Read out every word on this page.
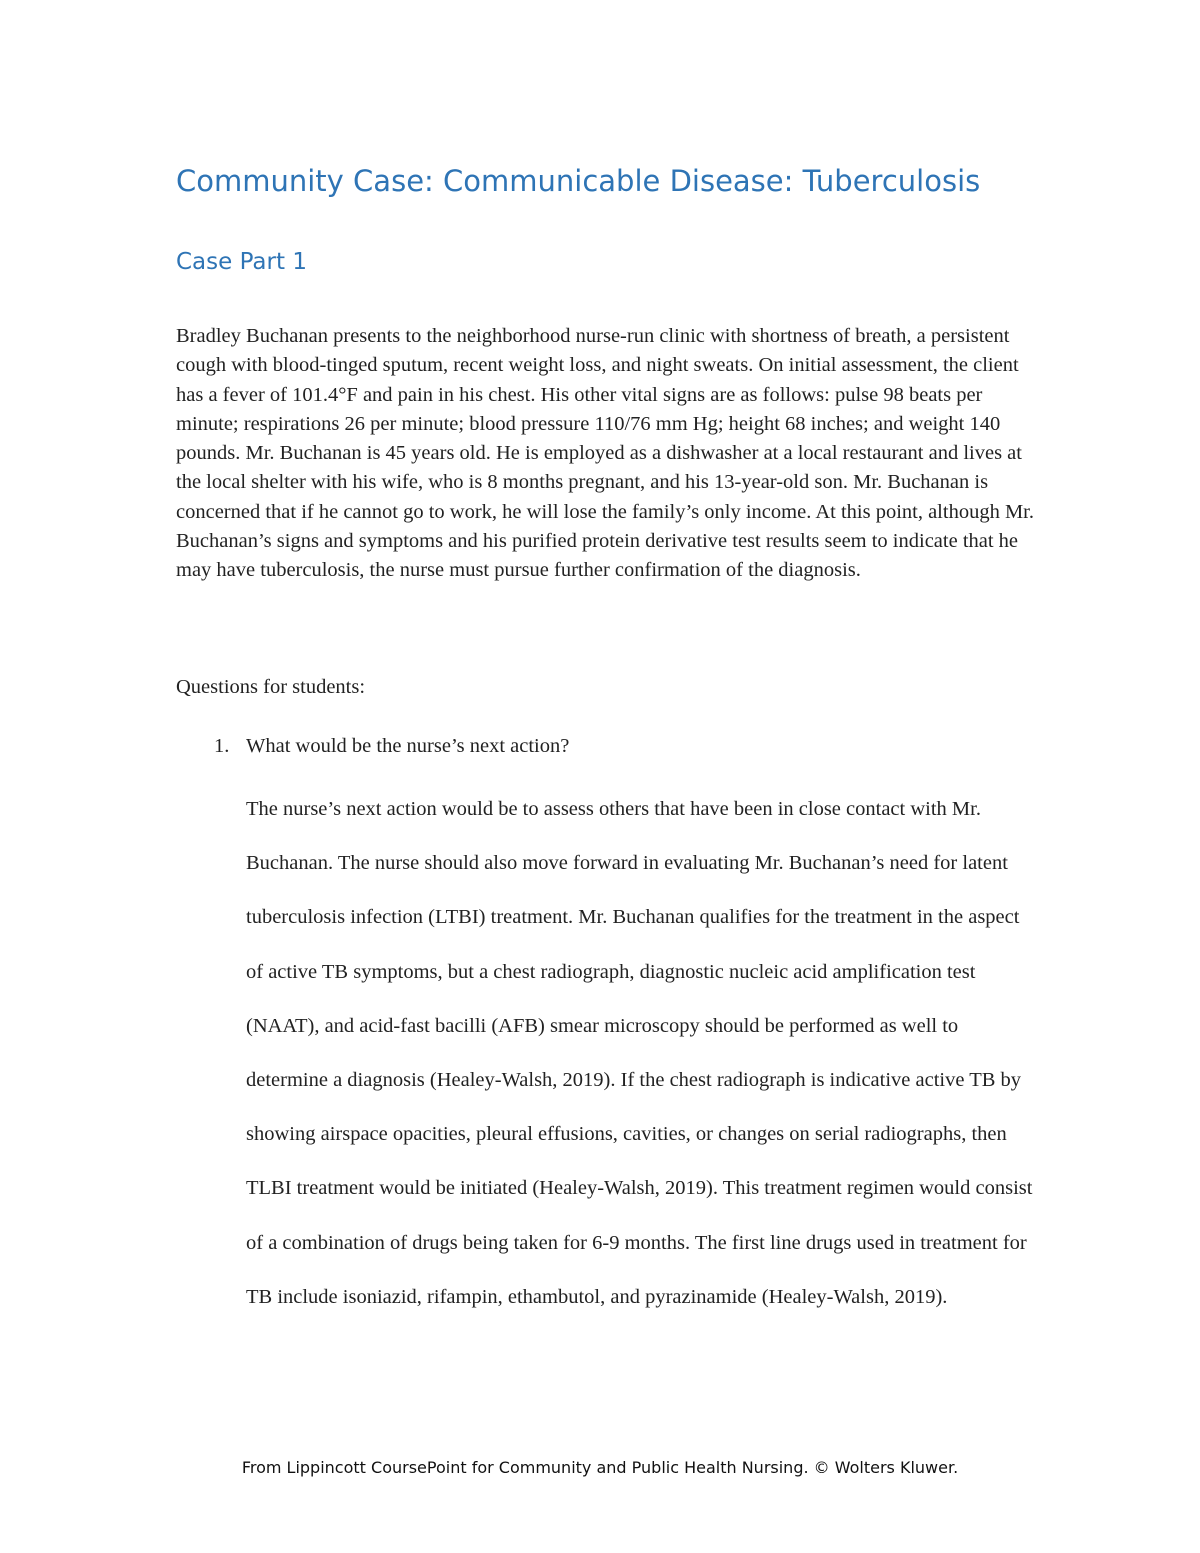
Community Case: Communicable Disease: Tuberculosis
Case Part 1

Bradley Buchanan presents to the neighborhood nurse-run clinic with shortness of breath, a persistent cough with blood-tinged sputum, recent weight loss, and night sweats. On initial assessment, the client has a fever of 101.4°F and pain in his chest. His other vital signs are as follows: pulse 98 beats per minute; respirations 26 per minute; blood pressure 110/76 mm Hg; height 68 inches; and weight 140 pounds. Mr. Buchanan is 45 years old. He is employed as a dishwasher at a local restaurant and lives at the local shelter with his wife, who is 8 months pregnant, and his 13-year-old son. Mr. Buchanan is concerned that if he cannot go to work, he will lose the family’s only income. At this point, although Mr. Buchanan’s signs and symptoms and his purified protein derivative test results seem to indicate that he may have tuberculosis, the nurse must pursue further confirmation of the diagnosis.

Questions for students:

1. What would be the nurse’s next action?

The nurse’s next action would be to assess others that have been in close contact with Mr. Buchanan. The nurse should also move forward in evaluating Mr. Buchanan’s need for latent tuberculosis infection (LTBI) treatment. Mr. Buchanan qualifies for the treatment in the aspect of active TB symptoms, but a chest radiograph, diagnostic nucleic acid amplification test (NAAT), and acid-fast bacilli (AFB) smear microscopy should be performed as well to determine a diagnosis (Healey-Walsh, 2019). If the chest radiograph is indicative active TB by showing airspace opacities, pleural effusions, cavities, or changes on serial radiographs, then TLBI treatment would be initiated (Healey-Walsh, 2019). This treatment regimen would consist of a combination of drugs being taken for 6-9 months. The first line drugs used in treatment for TB include isoniazid, rifampin, ethambutol, and pyrazinamide (Healey-Walsh, 2019).

From Lippincott CoursePoint for Community and Public Health Nursing. © Wolters Kluwer.
